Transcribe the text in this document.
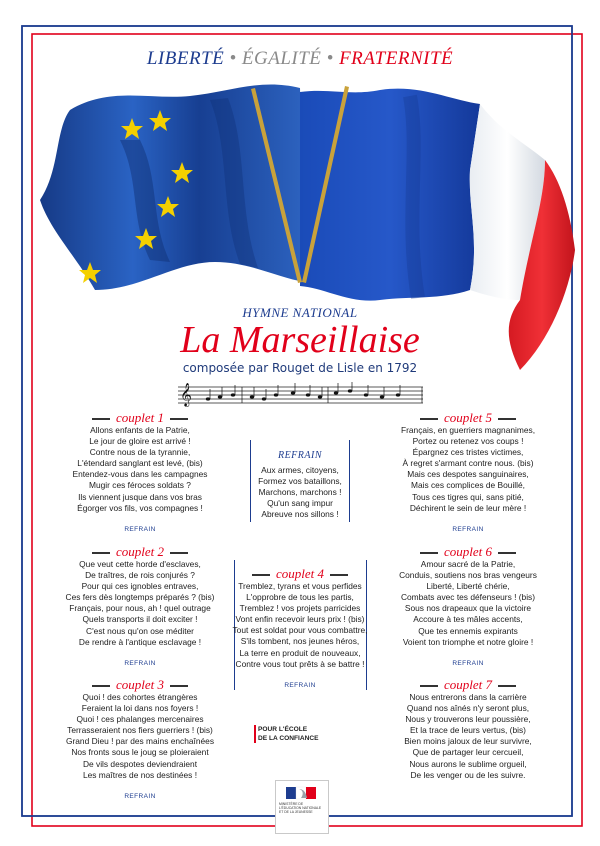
LIBERTÉ • ÉGALITÉ • FRATERNITÉ
HYMNE NATIONAL
La Marseillaise
composée par Rouget de Lisle en 1792
𝄞
couplet 1
Allons enfants de la Patrie,
Le jour de gloire est arrivé !
Contre nous de la tyrannie,
L'étendard sanglant est levé, (bis)
Entendez-vous dans les campagnes
Mugir ces féroces soldats ?
Ils viennent jusque dans vos bras
Égorger vos fils, vos compagnes !
REFRAIN
couplet 2
Que veut cette horde d'esclaves,
De traîtres, de rois conjurés ?
Pour qui ces ignobles entraves,
Ces fers dès longtemps préparés ? (bis)
Français, pour nous, ah ! quel outrage
Quels transports il doit exciter !
C'est nous qu'on ose méditer
De rendre à l'antique esclavage !
REFRAIN
couplet 3
Quoi ! des cohortes étrangères
Feraient la loi dans nos foyers !
Quoi ! ces phalanges mercenaires
Terrasseraient nos fiers guerriers ! (bis)
Grand Dieu ! par des mains enchaînées
Nos fronts sous le joug se ploieraient
De vils despotes deviendraient
Les maîtres de nos destinées !
REFRAIN
REFRAIN
Aux armes, citoyens,
Formez vos bataillons,
Marchons, marchons !
Qu'un sang impur
Abreuve nos sillons !
couplet 4
Tremblez, tyrans et vous perfides
L'opprobre de tous les partis,
Tremblez ! vos projets parricides
Vont enfin recevoir leurs prix ! (bis)
Tout est soldat pour vous combattre,
S'ils tombent, nos jeunes héros,
La terre en produit de nouveaux,
Contre vous tout prêts à se battre !
REFRAIN
POUR L'ÉCOLE
DE LA CONFIANCE
MINISTÈRE DE L'ÉDUCATION NATIONALE ET DE LA JEUNESSE
couplet 5
Français, en guerriers magnanimes,
Portez ou retenez vos coups !
Épargnez ces tristes victimes,
À regret s'armant contre nous. (bis)
Mais ces despotes sanguinaires,
Mais ces complices de Bouillé,
Tous ces tigres qui, sans pitié,
Déchirent le sein de leur mère !
REFRAIN
couplet 6
Amour sacré de la Patrie,
Conduis, soutiens nos bras vengeurs
Liberté, Liberté chérie,
Combats avec tes défenseurs ! (bis)
Sous nos drapeaux que la victoire
Accoure à tes mâles accents,
Que tes ennemis expirants
Voient ton triomphe et notre gloire !
REFRAIN
couplet 7
Nous entrerons dans la carrière
Quand nos aînés n'y seront plus,
Nous y trouverons leur poussière,
Et la trace de leurs vertus, (bis)
Bien moins jaloux de leur survivre,
Que de partager leur cercueil,
Nous aurons le sublime orgueil,
De les venger ou de les suivre.
